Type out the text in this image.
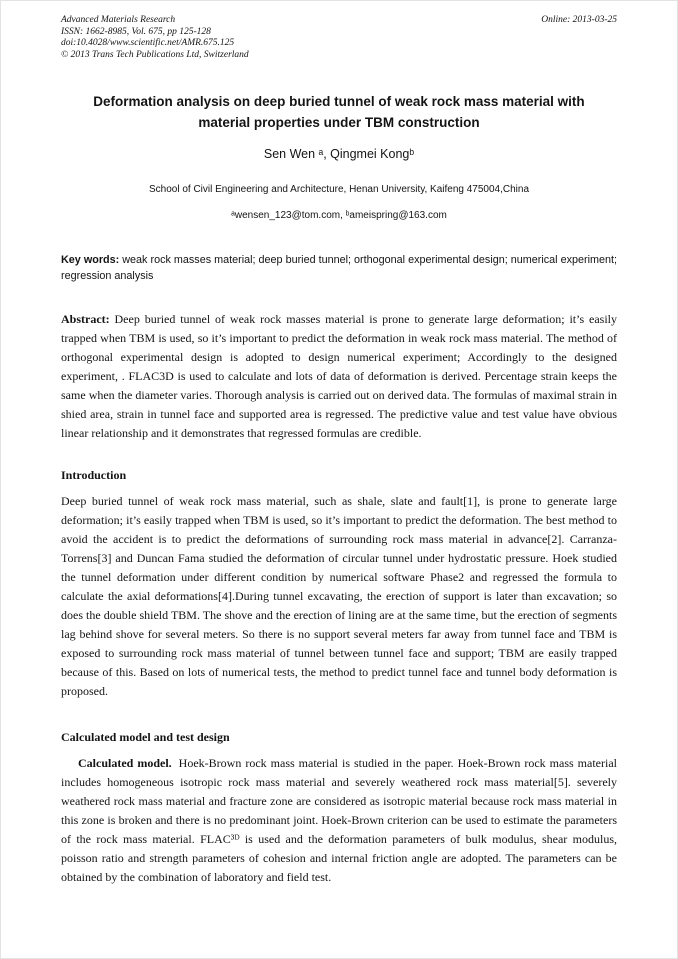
Advanced Materials Research
ISSN: 1662-8985, Vol. 675, pp 125-128
doi:10.4028/www.scientific.net/AMR.675.125
© 2013 Trans Tech Publications Ltd, Switzerland
Online: 2013-03-25
Deformation analysis on deep buried tunnel of weak rock mass material with material properties under TBM construction
Sen Wen ᵃ, Qingmei Kongᵇ
School of Civil Engineering and Architecture, Henan University, Kaifeng 475004,China
ᵃwensen_123@tom.com, ᵇameispring@163.com

Key words: weak rock masses material; deep buried tunnel; orthogonal experimental design; numerical experiment; regression analysis

Abstract: Deep buried tunnel of weak rock masses material is prone to generate large deformation; it’s easily trapped when TBM is used, so it’s important to predict the deformation in weak rock mass material. The method of orthogonal experimental design is adopted to design numerical experiment; Accordingly to the designed experiment, . FLAC3D is used to calculate and lots of data of deformation is derived. Percentage strain keeps the same when the diameter varies. Thorough analysis is carried out on derived data. The formulas of maximal strain in shied area, strain in tunnel face and supported area is regressed. The predictive value and test value have obvious linear relationship and it demonstrates that regressed formulas are credible.

Introduction

Deep buried tunnel of weak rock mass material, such as shale, slate and fault[1], is prone to generate large deformation; it’s easily trapped when TBM is used, so it’s important to predict the deformation. The best method to avoid the accident is to predict the deformations of surrounding rock mass material in advance[2]. Carranza-Torrens[3] and Duncan Fama studied the deformation of circular tunnel under hydrostatic pressure. Hoek studied the tunnel deformation under different condition by numerical software Phase2 and regressed the formula to calculate the axial deformations[4].During tunnel excavating, the erection of support is later than excavation; so does the double shield TBM. The shove and the erection of lining are at the same time, but the erection of segments lag behind shove for several meters. So there is no support several meters far away from tunnel face and TBM is exposed to surrounding rock mass material of tunnel between tunnel face and support; TBM are easily trapped because of this. Based on lots of numerical tests, the method to predict tunnel face and tunnel body deformation is proposed.

Calculated model and test design

Calculated model. Hoek-Brown rock mass material is studied in the paper. Hoek-Brown rock mass material includes homogeneous isotropic rock mass material and severely weathered rock mass material[5]. severely weathered rock mass material and fracture zone are considered as isotropic material because rock mass material in this zone is broken and there is no predominant joint. Hoek-Brown criterion can be used to estimate the parameters of the rock mass material. FLAC³ᴰ is used and the deformation parameters of bulk modulus, shear modulus, poisson ratio and strength parameters of cohesion and internal friction angle are adopted. The parameters can be obtained by the combination of laboratory and field test.
